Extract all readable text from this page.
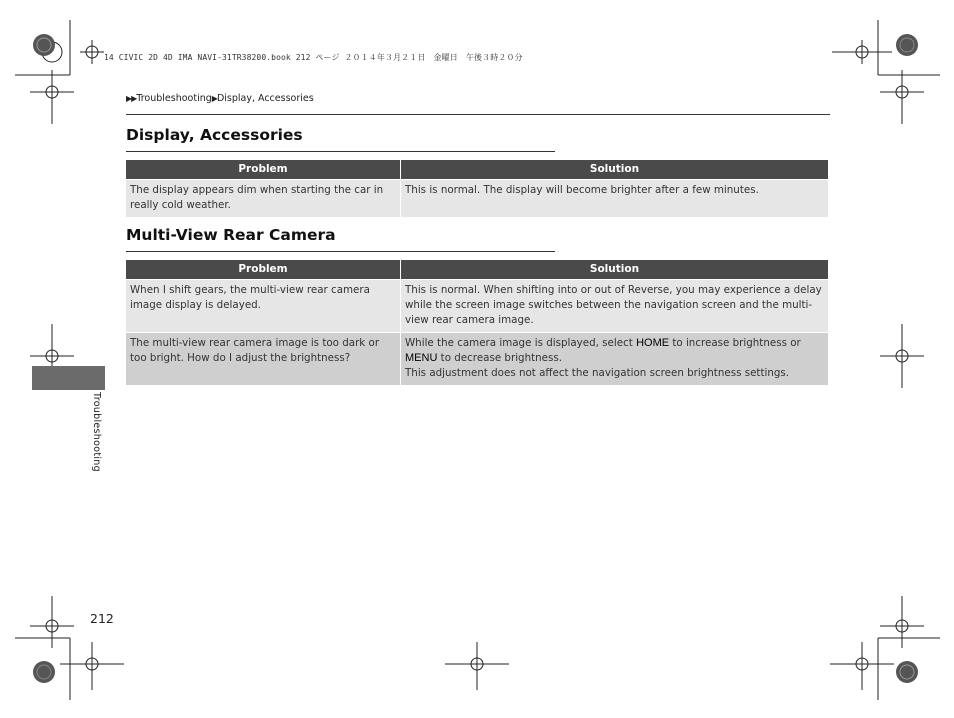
14 CIVIC 2D 4D IMA NAVI-31TR38200.book 212 ページ ２０１４年３月２１日　金曜日　午後３時２０分
▶▶Troubleshooting▶Display, Accessories
Display, Accessories
Problem	Solution
The display appears dim when starting the car in really cold weather.	This is normal. The display will become brighter after a few minutes.
Multi-View Rear Camera
Problem	Solution
When I shift gears, the multi-view rear camera image display is delayed.	This is normal. When shifting into or out of Reverse, you may experience a delay while the screen image switches between the navigation screen and the multi-view rear camera image.
The multi-view rear camera image is too dark or too bright. How do I adjust the brightness?	While the camera image is displayed, select HOME to increase brightness or
MENU to decrease brightness.
This adjustment does not affect the navigation screen brightness settings.
Troubleshooting
212
